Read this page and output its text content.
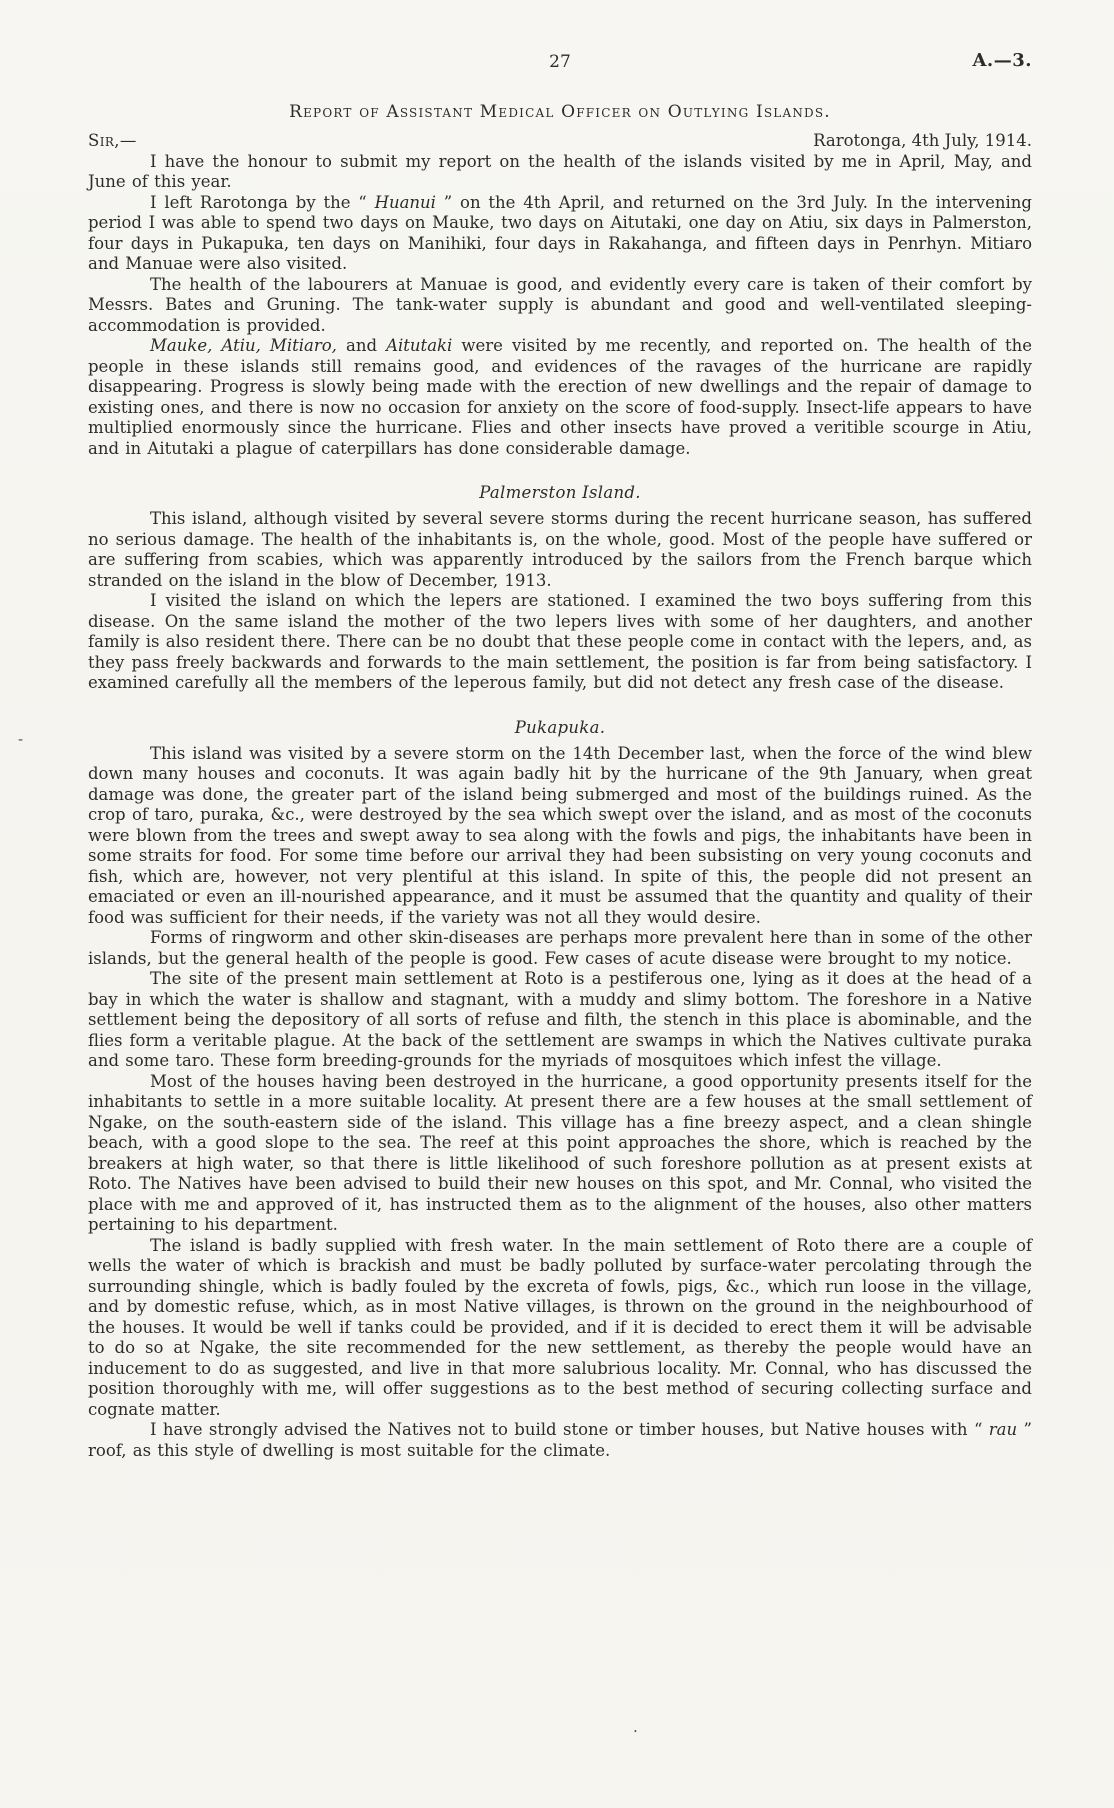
27	A.—3.
Report of Assistant Medical Officer on Outlying Islands.
Sir,—	Rarotonga, 4th July, 1914.

I have the honour to submit my report on the health of the islands visited by me in April, May, and June of this year.

I left Rarotonga by the “ Huanui ” on the 4th April, and returned on the 3rd July. In the intervening period I was able to spend two days on Mauke, two days on Aitutaki, one day on Atiu, six days in Palmerston, four days in Pukapuka, ten days on Manihiki, four days in Rakahanga, and fifteen days in Penrhyn. Mitiaro and Manuae were also visited.

The health of the labourers at Manuae is good, and evidently every care is taken of their comfort by Messrs. Bates and Gruning. The tank-water supply is abundant and good and well-ventilated sleeping-accommodation is provided.

Mauke, Atiu, Mitiaro, and Aitutaki were visited by me recently, and reported on. The health of the people in these islands still remains good, and evidences of the ravages of the hurricane are rapidly disappearing. Progress is slowly being made with the erection of new dwellings and the repair of damage to existing ones, and there is now no occasion for anxiety on the score of food-supply. Insect-life appears to have multiplied enormously since the hurricane. Flies and other insects have proved a veritible scourge in Atiu, and in Aitutaki a plague of caterpillars has done considerable damage.

Palmerston Island.

This island, although visited by several severe storms during the recent hurricane season, has suffered no serious damage. The health of the inhabitants is, on the whole, good. Most of the people have suffered or are suffering from scabies, which was apparently introduced by the sailors from the French barque which stranded on the island in the blow of December, 1913.

I visited the island on which the lepers are stationed. I examined the two boys suffering from this disease. On the same island the mother of the two lepers lives with some of her daughters, and another family is also resident there. There can be no doubt that these people come in contact with the lepers, and, as they pass freely backwards and forwards to the main settlement, the position is far from being satisfactory. I examined carefully all the members of the leperous family, but did not detect any fresh case of the disease.

Pukapuka.

This island was visited by a severe storm on the 14th December last, when the force of the wind blew down many houses and coconuts. It was again badly hit by the hurricane of the 9th January, when great damage was done, the greater part of the island being submerged and most of the buildings ruined. As the crop of taro, puraka, &c., were destroyed by the sea which swept over the island, and as most of the coconuts were blown from the trees and swept away to sea along with the fowls and pigs, the inhabitants have been in some straits for food. For some time before our arrival they had been subsisting on very young coconuts and fish, which are, however, not very plentiful at this island. In spite of this, the people did not present an emaciated or even an ill-nourished appearance, and it must be assumed that the quantity and quality of their food was sufficient for their needs, if the variety was not all they would desire.

Forms of ringworm and other skin-diseases are perhaps more prevalent here than in some of the other islands, but the general health of the people is good. Few cases of acute disease were brought to my notice.

The site of the present main settlement at Roto is a pestiferous one, lying as it does at the head of a bay in which the water is shallow and stagnant, with a muddy and slimy bottom. The foreshore in a Native settlement being the depository of all sorts of refuse and filth, the stench in this place is abominable, and the flies form a veritable plague. At the back of the settlement are swamps in which the Natives cultivate puraka and some taro. These form breeding-grounds for the myriads of mosquitoes which infest the village.

Most of the houses having been destroyed in the hurricane, a good opportunity presents itself for the inhabitants to settle in a more suitable locality. At present there are a few houses at the small settlement of Ngake, on the south-eastern side of the island. This village has a fine breezy aspect, and a clean shingle beach, with a good slope to the sea. The reef at this point approaches the shore, which is reached by the breakers at high water, so that there is little likelihood of such foreshore pollution as at present exists at Roto. The Natives have been advised to build their new houses on this spot, and Mr. Connal, who visited the place with me and approved of it, has instructed them as to the alignment of the houses, also other matters pertaining to his department.

The island is badly supplied with fresh water. In the main settlement of Roto there are a couple of wells the water of which is brackish and must be badly polluted by surface-water percolating through the surrounding shingle, which is badly fouled by the excreta of fowls, pigs, &c., which run loose in the village, and by domestic refuse, which, as in most Native villages, is thrown on the ground in the neighbourhood of the houses. It would be well if tanks could be provided, and if it is decided to erect them it will be advisable to do so at Ngake, the site recommended for the new settlement, as thereby the people would have an inducement to do as suggested, and live in that more salubrious locality. Mr. Connal, who has discussed the position thoroughly with me, will offer suggestions as to the best method of securing collecting surface and cognate matter.

I have strongly advised the Natives not to build stone or timber houses, but Native houses with “ rau ” roof, as this style of dwelling is most suitable for the climate.

-
.
